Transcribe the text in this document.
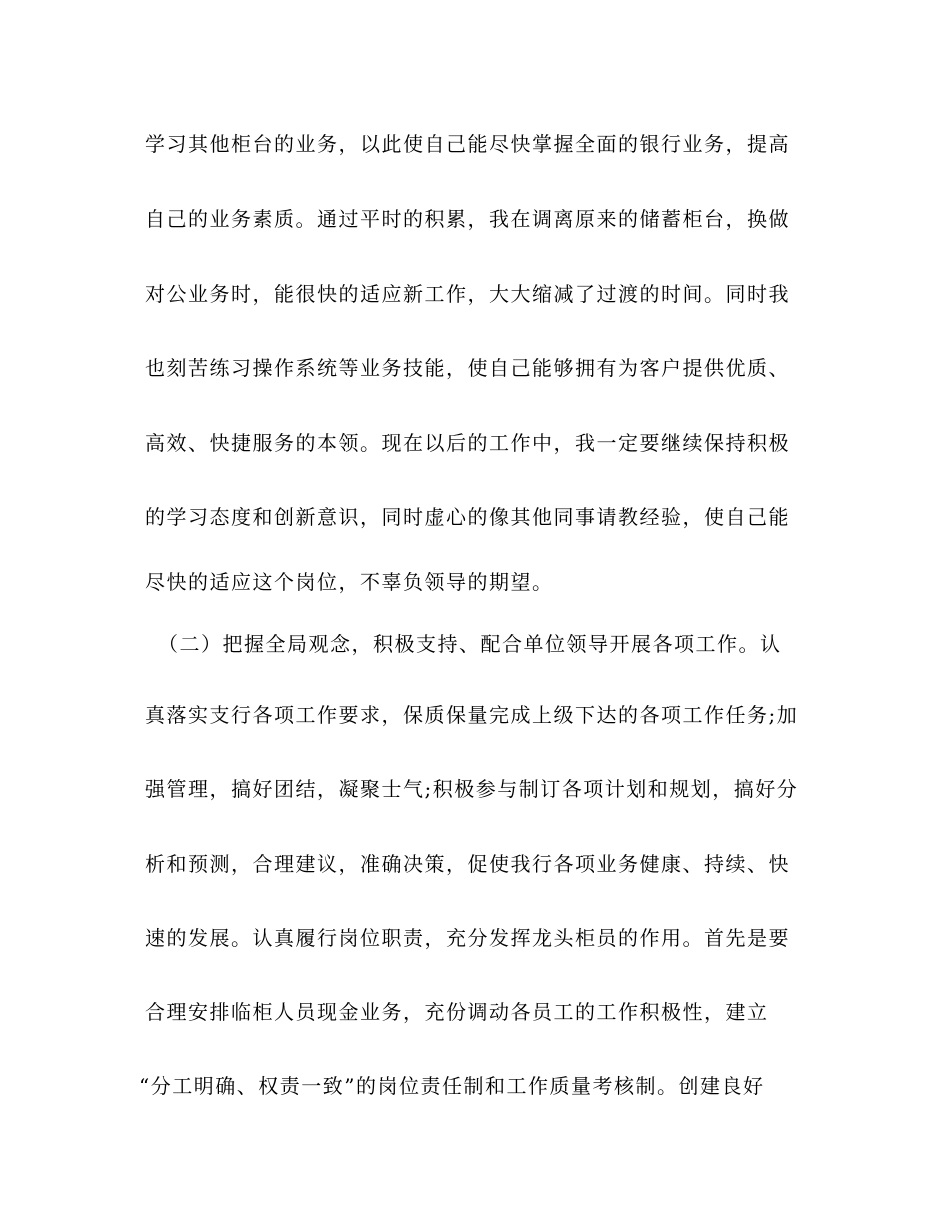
学习其他柜台的业务，以此使自己能尽快掌握全面的银行业务，提高
自己的业务素质。通过平时的积累，我在调离原来的储蓄柜台，换做
对公业务时，能很快的适应新工作，大大缩减了过渡的时间。同时我
也刻苦练习操作系统等业务技能，使自己能够拥有为客户提供优质、
高效、快捷服务的本领。现在以后的工作中，我一定要继续保持积极
的学习态度和创新意识，同时虚心的像其他同事请教经验，使自己能
尽快的适应这个岗位，不辜负领导的期望。
（二）把握全局观念，积极支持、配合单位领导开展各项工作。认
真落实支行各项工作要求，保质保量完成上级下达的各项工作任务;加
强管理，搞好团结，凝聚士气;积极参与制订各项计划和规划，搞好分
析和预测，合理建议，准确决策，促使我行各项业务健康、持续、快
速的发展。认真履行岗位职责，充分发挥龙头柜员的作用。首先是要
合理安排临柜人员现金业务，充份调动各员工的工作积极性，建立
“分工明确、权责一致”的岗位责任制和工作质量考核制。创建良好
